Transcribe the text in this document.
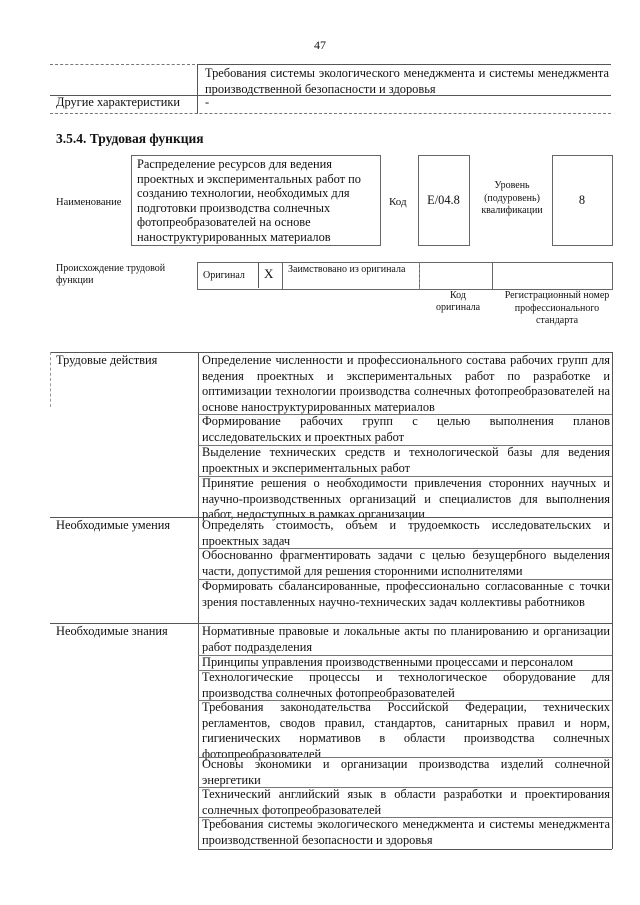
47
Требования системы экологического менеджмента и системы менеджмента производственной безопасности и здоровья
Другие характеристики -
3.5.4. Трудовая функция
Наименование
Распределение ресурсов для ведения проектных и экспериментальных работ по созданию технологии, необходимых для подготовки производства солнечных фотопреобразователей на основе наноструктурированных материалов
Код	E/04.8
Уровень (подуровень) квалификации
8
Происхождение трудовой функции	Оригинал X Заимствовано из оригинала
Код оригинала
Регистрационный номер профессионального стандарта
Трудовые действия	Определение численности и профессионального состава рабочих групп для ведения проектных и экспериментальных работ по разработке и оптимизации технологии производства солнечных фотопреобразователей на основе наноструктурированных материалов
Формирование рабочих групп с целью выполнения планов исследовательских и проектных работ
Выделение технических средств и технологической базы для ведения проектных и экспериментальных работ
Принятие решения о необходимости привлечения сторонних научных и научно-производственных организаций и специалистов для выполнения работ, недоступных в рамках организации
Необходимые умения	Определять стоимость, объем и трудоемкость исследовательских и проектных задач
Обоснованно фрагментировать задачи с целью безущербного выделения части, допустимой для решения сторонними исполнителями
Формировать сбалансированные, профессионально согласованные с точки зрения поставленных научно-технических задач коллективы работников
Необходимые знания	Нормативные правовые и локальные акты по планированию и организации работ подразделения
Принципы управления производственными процессами и персоналом
Технологические процессы и технологическое оборудование для производства солнечных фотопреобразователей
Требования законодательства Российской Федерации, технических регламентов, сводов правил, стандартов, санитарных правил и норм, гигиенических нормативов в области производства солнечных фотопреобразователей
Основы экономики и организации производства изделий солнечной энергетики
Технический английский язык в области разработки и проектирования солнечных фотопреобразователей
Требования системы экологического менеджмента и системы менеджмента производственной безопасности и здоровья
